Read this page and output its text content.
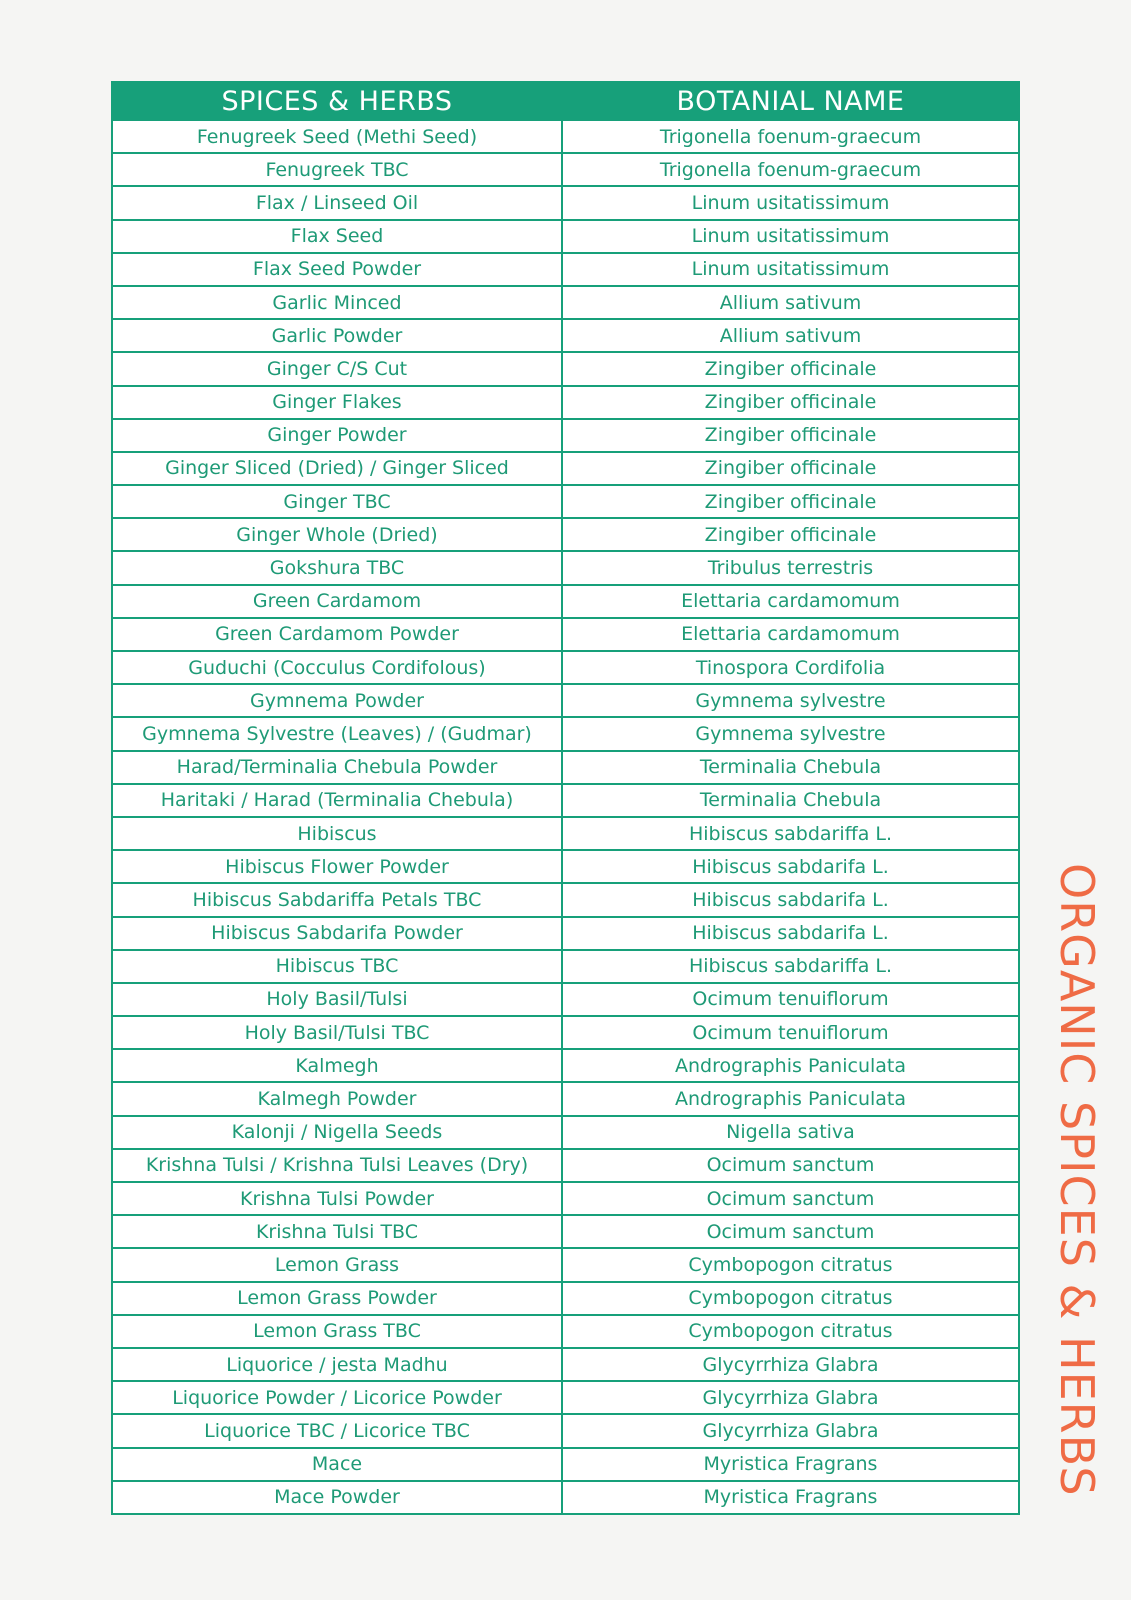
SPICES & HERBS	BOTANIAL NAME
Fenugreek Seed (Methi Seed)	Trigonella foenum-graecum
Fenugreek TBC	Trigonella foenum-graecum
Flax / Linseed Oil	Linum usitatissimum
Flax Seed	Linum usitatissimum
Flax Seed Powder	Linum usitatissimum
Garlic Minced	Allium sativum
Garlic Powder	Allium sativum
Ginger C/S Cut	Zingiber officinale
Ginger Flakes	Zingiber officinale
Ginger Powder	Zingiber officinale
Ginger Sliced (Dried) / Ginger Sliced	Zingiber officinale
Ginger TBC	Zingiber officinale
Ginger Whole (Dried)	Zingiber officinale
Gokshura TBC	Tribulus terrestris
Green Cardamom	Elettaria cardamomum
Green Cardamom Powder	Elettaria cardamomum
Guduchi (Cocculus Cordifolous)	Tinospora Cordifolia
Gymnema Powder	Gymnema sylvestre
Gymnema Sylvestre (Leaves) / (Gudmar)	Gymnema sylvestre
Harad/Terminalia Chebula Powder	Terminalia Chebula
Haritaki / Harad (Terminalia Chebula)	Terminalia Chebula
Hibiscus	Hibiscus sabdariffa L.
Hibiscus Flower Powder	Hibiscus sabdarifa L.
Hibiscus Sabdariffa Petals TBC	Hibiscus sabdarifa L.
Hibiscus Sabdarifa Powder	Hibiscus sabdarifa L.
Hibiscus TBC	Hibiscus sabdariffa L.
Holy Basil/Tulsi	Ocimum tenuiflorum
Holy Basil/Tulsi TBC	Ocimum tenuiflorum
Kalmegh	Andrographis Paniculata
Kalmegh Powder	Andrographis Paniculata
Kalonji / Nigella Seeds	Nigella sativa
Krishna Tulsi / Krishna Tulsi Leaves (Dry)	Ocimum sanctum
Krishna Tulsi Powder	Ocimum sanctum
Krishna Tulsi TBC	Ocimum sanctum
Lemon Grass	Cymbopogon citratus
Lemon Grass Powder	Cymbopogon citratus
Lemon Grass TBC	Cymbopogon citratus
Liquorice / jesta Madhu	Glycyrrhiza Glabra
Liquorice Powder / Licorice Powder	Glycyrrhiza Glabra
Liquorice TBC / Licorice TBC	Glycyrrhiza Glabra
Mace	Myristica Fragrans
Mace Powder	Myristica Fragrans
ORGANIC SPICES & HERBS
